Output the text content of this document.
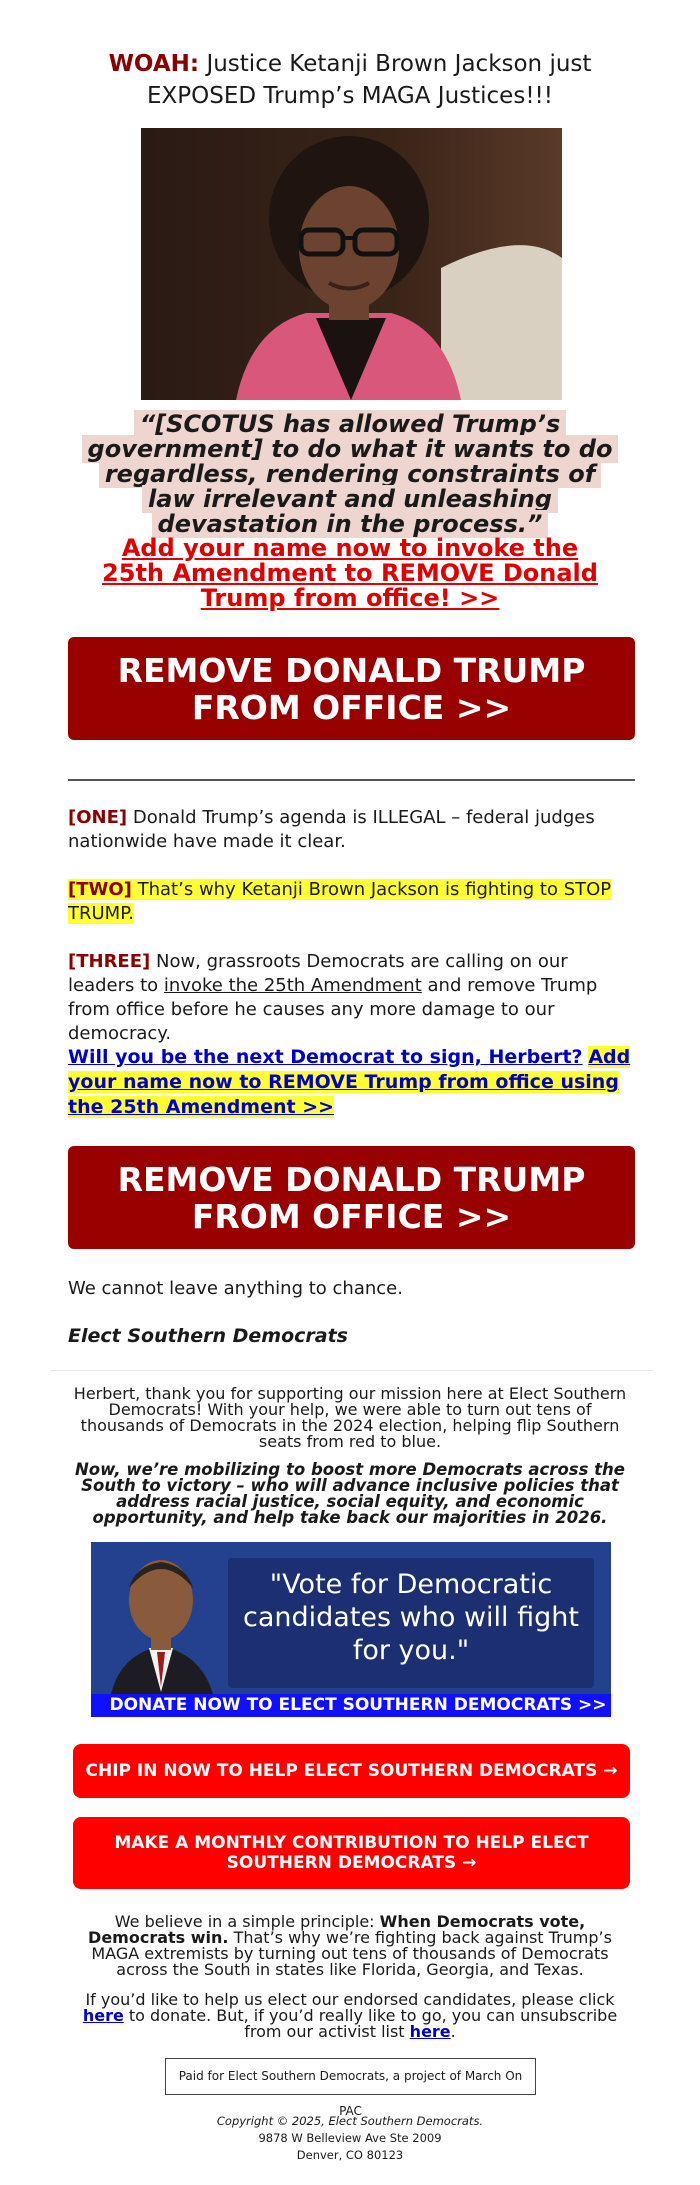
WOAH: Justice Ketanji Brown Jackson just
EXPOSED Trump’s MAGA Justices!!!
“[SCOTUS has allowed Trump’s government] to do what it wants to do regardless, rendering constraints of law irrelevant and unleashing devastation in the process.”
Add your name now to invoke the 25th Amendment to REMOVE Donald Trump from office! >>
REMOVE DONALD TRUMP
FROM OFFICE >>
[ONE] Donald Trump’s agenda is ILLEGAL – federal judges nationwide have made it clear.
[TWO] That’s why Ketanji Brown Jackson is fighting to STOP TRUMP.
[THREE] Now, grassroots Democrats are calling on our leaders to invoke the 25th Amendment and remove Trump from office before he causes any more damage to our democracy.
Will you be the next Democrat to sign, Herbert? Add your name now to REMOVE Trump from office using the 25th Amendment >>
REMOVE DONALD TRUMP
FROM OFFICE >>
We cannot leave anything to chance.
Elect Southern Democrats
Herbert, thank you for supporting our mission here at Elect Southern Democrats! With your help, we were able to turn out tens of thousands of Democrats in the 2024 election, helping flip Southern seats from red to blue.
Now, we’re mobilizing to boost more Democrats across the South to victory – who will advance inclusive policies that address racial justice, social equity, and economic opportunity, and help take back our majorities in 2026.
"Vote for Democratic candidates who will fight for you."
DONATE NOW TO ELECT SOUTHERN DEMOCRATS >>
CHIP IN NOW TO HELP ELECT SOUTHERN DEMOCRATS →
MAKE A MONTHLY CONTRIBUTION TO HELP ELECT SOUTHERN DEMOCRATS →
We believe in a simple principle: When Democrats vote, Democrats win. That’s why we’re fighting back against Trump’s MAGA extremists by turning out tens of thousands of Democrats across the South in states like Florida, Georgia, and Texas.
If you’d like to help us elect our endorsed candidates, please click here to donate. But, if you’d really like to go, you can unsubscribe from our activist list here.
Paid for Elect Southern Democrats, a project of March On PAC
Copyright © 2025, Elect Southern Democrats.
9878 W Belleview Ave Ste 2009
Denver, CO 80123
